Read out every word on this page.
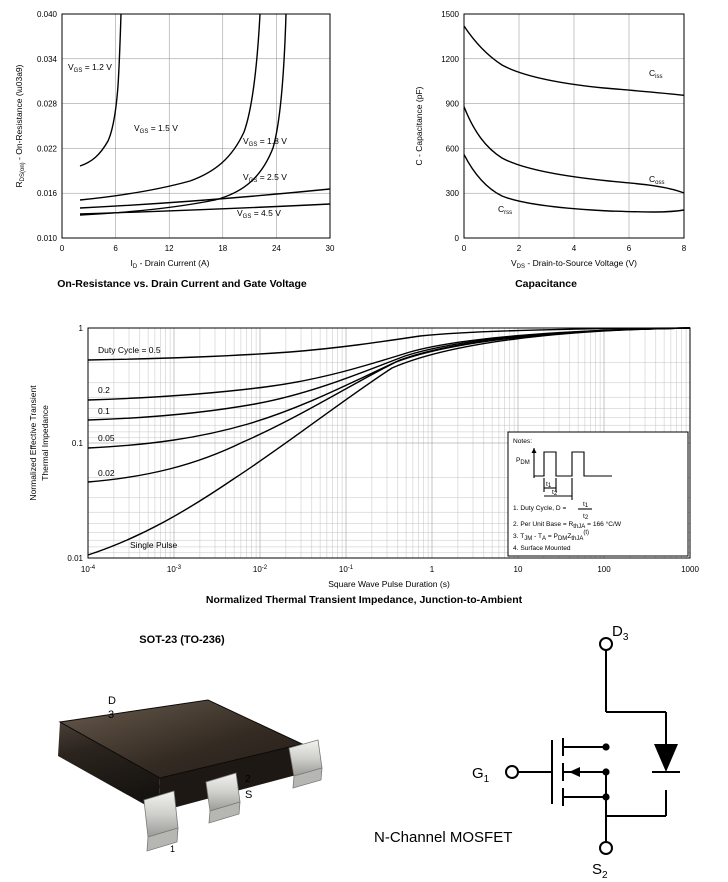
0.040
0.034
0.028
0.022
0.016
0.010
0	6	12	18	24	30
$I_D$ - Drain Current (A)
$R_{DS(on)}$ - On-Resistance (\u03a9)	$V_{GS} = 1.2$ V
$V_{GS} = 1.5$ V
$V_{GS} = 1.8$ V
$V_{GS} = 2.5$ V
$V_{GS} = 4.5$ V
On-Resistance vs. Drain Current and Gate Voltage
1500
1200
900
600
300
0
0	2	4	6	8
$V_{DS}$ - Drain-to-Source Voltage (V)
C - Capacitance (pF)
$C_{iss}$
$C_{oss}$
$C_{rss}$
Capacitance
1
0.1
0.01
$10^{-4}$	$10^{-3}$	$10^{-2}$	$10^{-1}$	1	10	100	1000
Square Wave Pulse Duration (s)
Normalized Effective Transient Thermal Impedance
Duty Cycle = 0.5
0.2
0.1
0.05
0.02
Single Pulse
Notes:
PDM
t1
t2
1. Duty Cycle, D =
t1
t2
2. Per Unit Base = RthJA = 166 °C/W
3. TJM - TA = PDMZthJA(t)
4. Surface Mounted
Normalized Thermal Transient Impedance, Junction-to-Ambient
SOT-23 (TO-236)
D
3
2
S
1
$D_3$
$G_1$
$S_2$
N-Channel MOSFET
